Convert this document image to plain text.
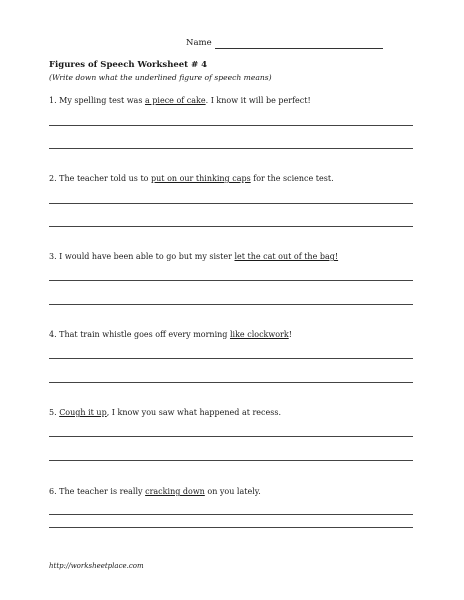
Name
Figures of Speech Worksheet # 4
(Write down what the underlined figure of speech means)
1. My spelling test was a piece of cake. I know it will be perfect!
2. The teacher told us to put on our thinking caps for the science test.
3. I would have been able to go but my sister let the cat out of the bag!
4. That train whistle goes off every morning like clockwork!
5. Cough it up, I know you saw what happened at recess.
6. The teacher is really cracking down on you lately.
http://worksheetplace.com
